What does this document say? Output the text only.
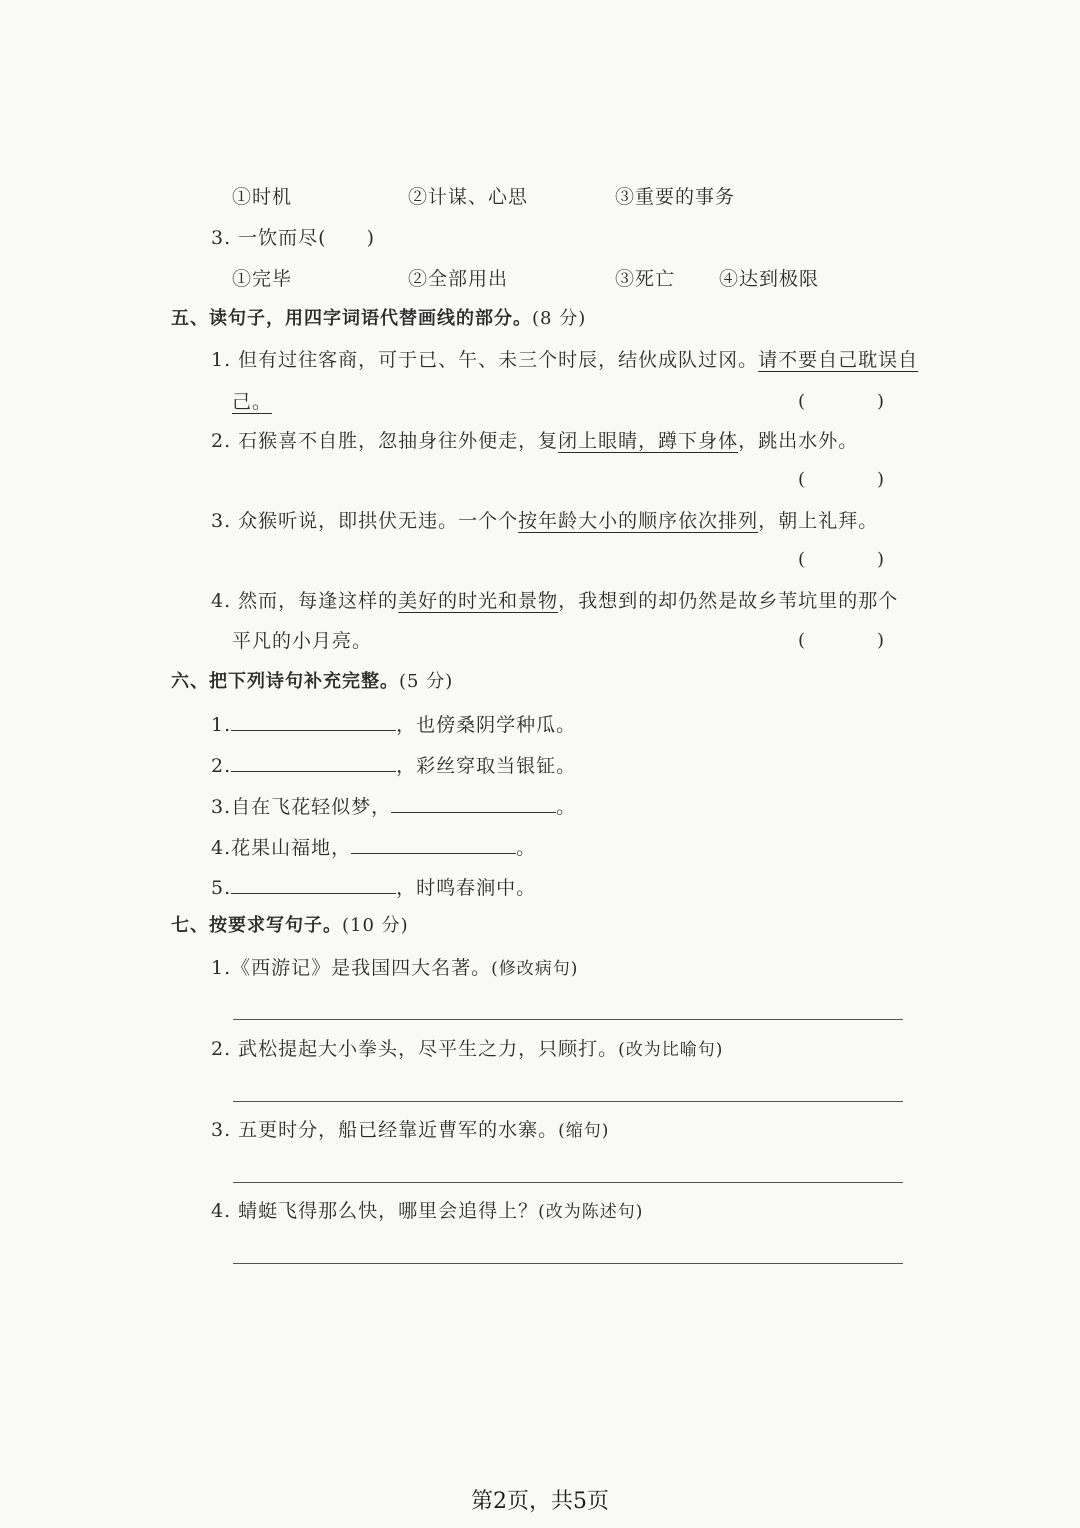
①时机	②计谋、心思	③重要的事务
3. 一饮而尽(　　)
①完毕	②全部用出	③死亡 ④达到极限
五、读句子，用四字词语代替画线的部分。(8 分)
1. 但有过往客商，可于已、午、未三个时辰，结伙成队过冈。请不要自己耽误自
己。	(　　　　)
2. 石猴喜不自胜，忽抽身往外便走，复闭上眼睛，蹲下身体，跳出水外。
(　　　　)
3. 众猴听说，即拱伏无违。一个个按年龄大小的顺序依次排列，朝上礼拜。
(　　　　)
4. 然而，每逢这样的美好的时光和景物，我想到的却仍然是故乡苇坑里的那个
平凡的小月亮。	(　　　　)
六、把下列诗句补充完整。(5 分)
1.	，也傍桑阴学种瓜。
2.	，彩丝穿取当银钲。
3.自在飞花轻似梦，	。
4.花果山福地，	。
5.	，时鸣春涧中。
七、按要求写句子。(10 分)
1.《西游记》是我国四大名著。(修改病句)
2. 武松提起大小拳头，尽平生之力，只顾打。(改为比喻句)
3. 五更时分，船已经靠近曹军的水寨。(缩句)
4. 蜻蜓飞得那么快，哪里会追得上？(改为陈述句)
第2页，共5页
